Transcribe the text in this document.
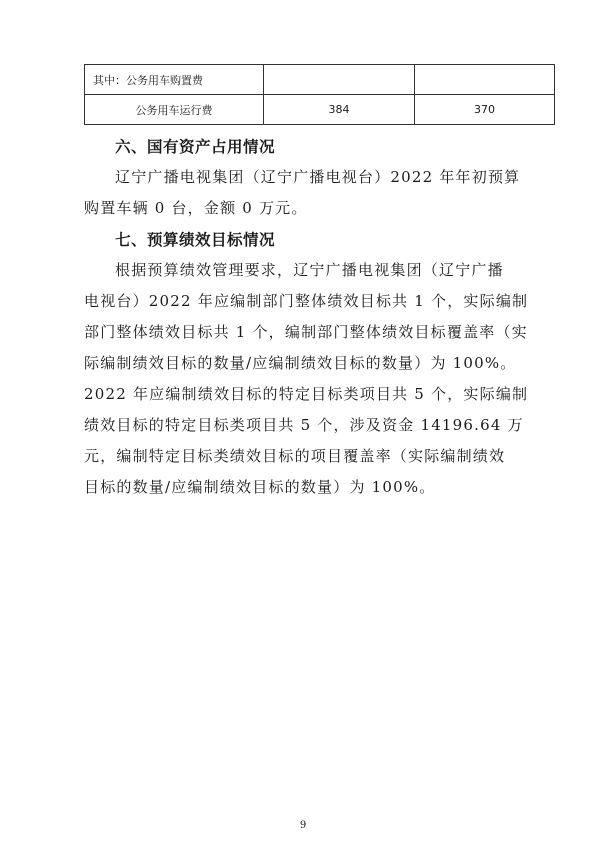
其中：公务用车购置费		
公务用车运行费	384	370
六、国有资产占用情况
辽宁广播电视集团（辽宁广播电视台）2022 年年初预算
购置车辆 0 台，金额 0 万元。
七、预算绩效目标情况
根据预算绩效管理要求，辽宁广播电视集团（辽宁广播
电视台）2022 年应编制部门整体绩效目标共 1 个，实际编制
部门整体绩效目标共 1 个，编制部门整体绩效目标覆盖率（实
际编制绩效目标的数量/应编制绩效目标的数量）为 100%。
2022 年应编制绩效目标的特定目标类项目共 5 个，实际编制
绩效目标的特定目标类项目共 5 个，涉及资金 14196.64 万
元，编制特定目标类绩效目标的项目覆盖率（实际编制绩效
目标的数量/应编制绩效目标的数量）为 100%。
9
